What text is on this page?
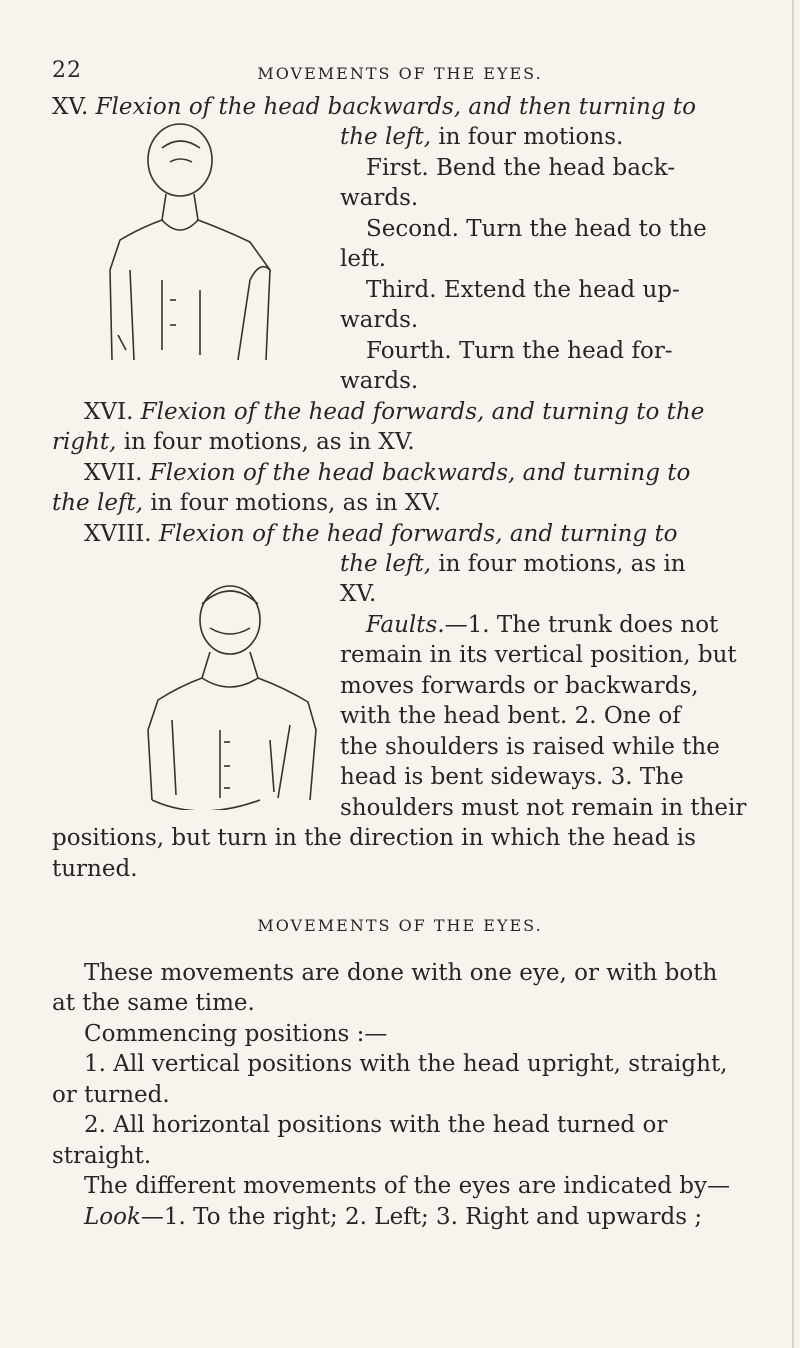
22	MOVEMENTS OF THE EYES.
XV. Flexion of the head backwards, and then turning to
the left, in four motions.
First. Bend the head back-
wards.
Second. Turn the head to the
left.
Third. Extend the head up-
wards.
Fourth. Turn the head for-
wards.
XVI. Flexion of the head forwards, and turning to the
right, in four motions, as in XV.
XVII. Flexion of the head backwards, and turning to
the left, in four motions, as in XV.
XVIII. Flexion of the head forwards, and turning to
the left, in four motions, as in
XV.
Faults.—1. The trunk does not
remain in its vertical position, but
moves forwards or backwards,
with the head bent. 2. One of
the shoulders is raised while the
head is bent sideways. 3. The
shoulders must not remain in their
positions, but turn in the direction in which the head is
turned.
MOVEMENTS OF THE EYES.
These movements are done with one eye, or with both
at the same time.
Commencing positions :—
1. All vertical positions with the head upright, straight,
or turned.
2. All horizontal positions with the head turned or
straight.
The different movements of the eyes are indicated by—
Look—1. To the right; 2. Left; 3. Right and upwards ;
